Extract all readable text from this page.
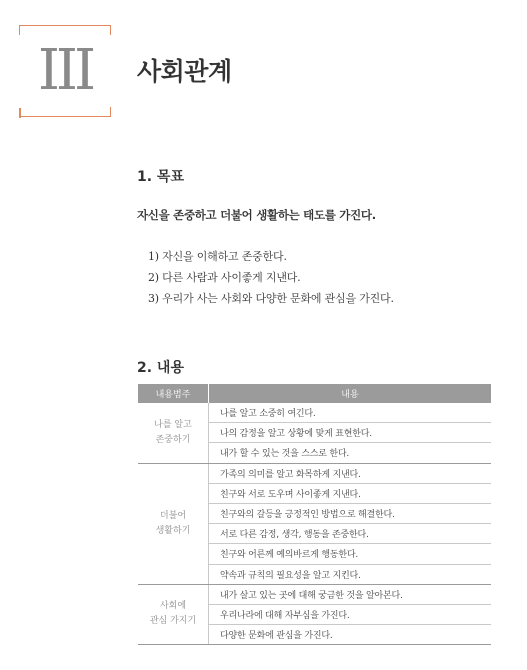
III	사회관계
1. 목표
자신을 존중하고 더불어 생활하는 태도를 가진다.
1) 자신을 이해하고 존중한다.
2) 다른 사람과 사이좋게 지낸다.
3) 우리가 사는 사회와 다양한 문화에 관심을 가진다.
2. 내용
내용범주	내용
나를 알고
존중하기	나를 알고 소중히 여긴다.
	나의 감정을 알고 상황에 맞게 표현한다.
	내가 할 수 있는 것을 스스로 한다.
더불어
생활하기	가족의 의미를 알고 화목하게 지낸다.
	친구와 서로 도우며 사이좋게 지낸다.
	친구와의 갈등을 긍정적인 방법으로 해결한다.
	서로 다른 감정, 생각, 행동을 존중한다.
	친구와 어른께 예의바르게 행동한다.
	약속과 규칙의 필요성을 알고 지킨다.
사회에
관심 가지기	내가 살고 있는 곳에 대해 궁금한 것을 알아본다.
	우리나라에 대해 자부심을 가진다.
	다양한 문화에 관심을 가진다.
